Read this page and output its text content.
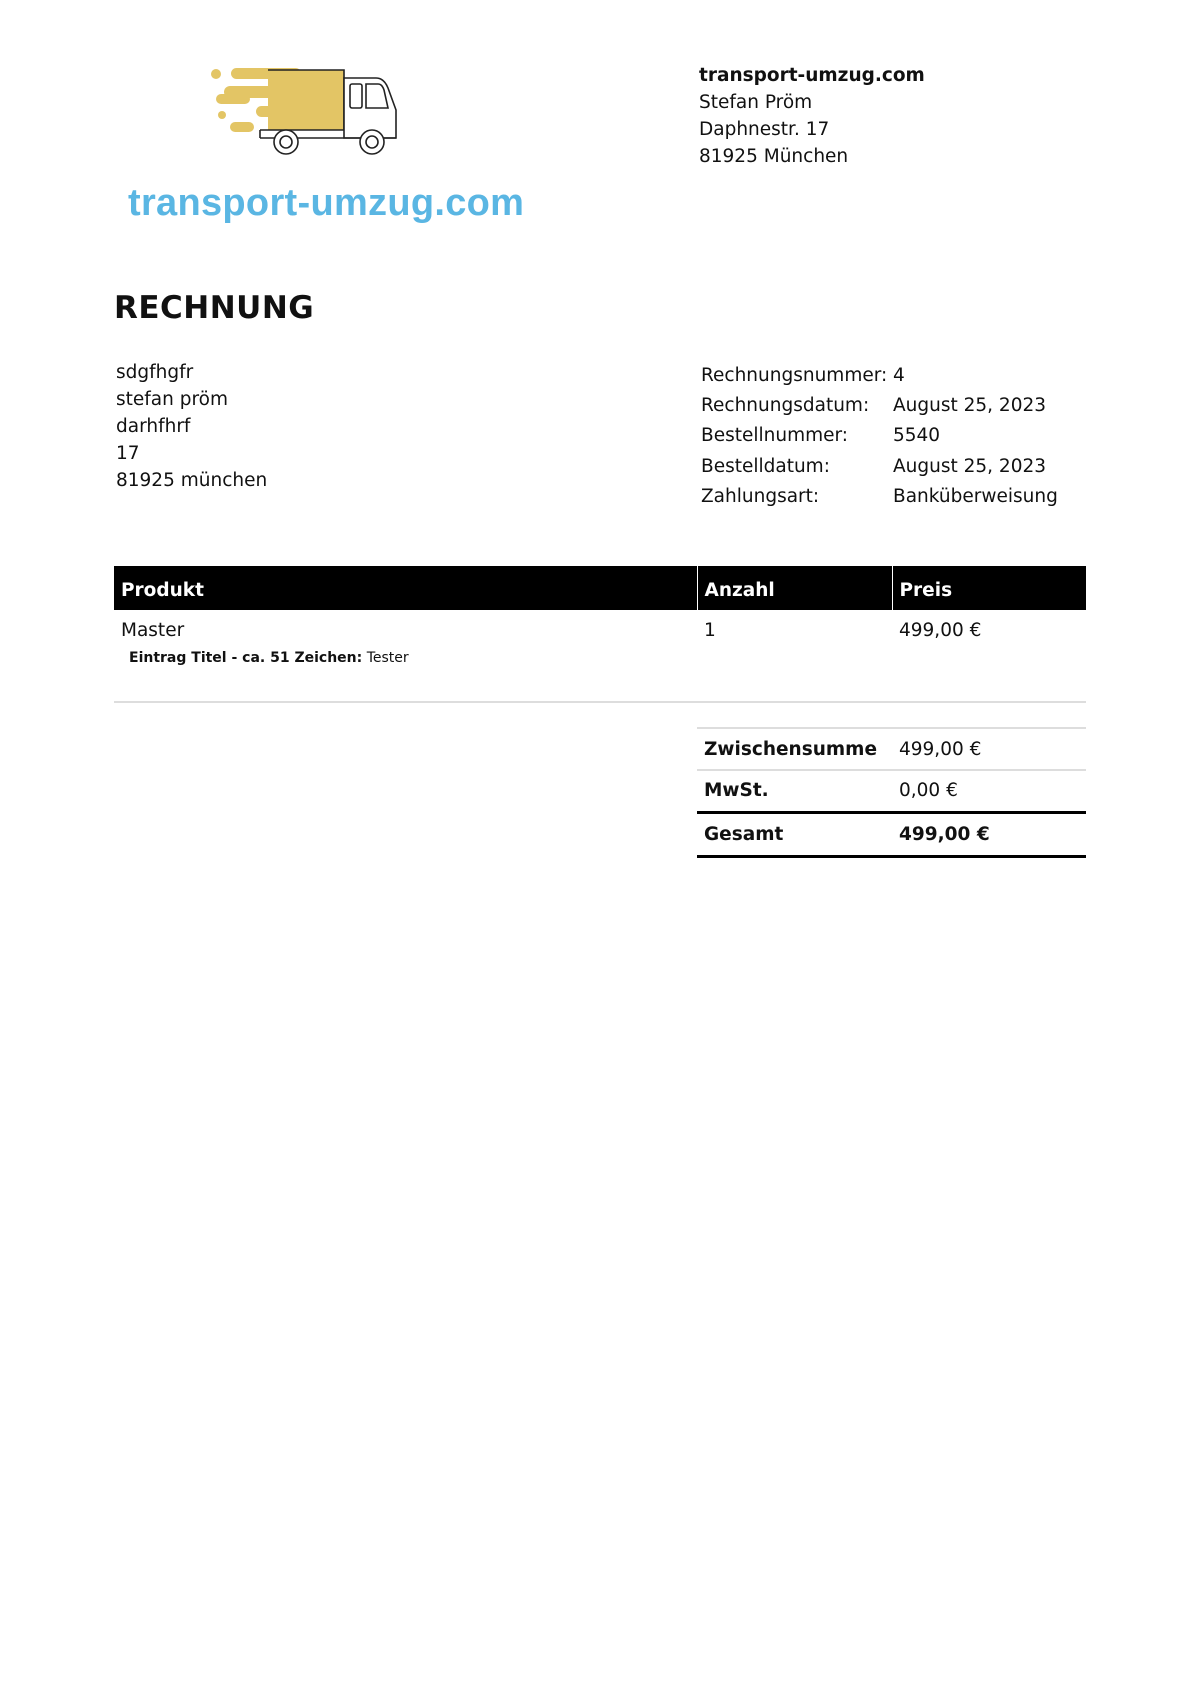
transport-umzug.com
transport-umzug.com
Stefan Pröm
Daphnestr. 17
81925 München
RECHNUNG
sdgfhgfr
stefan pröm
darhfhrf
17
81925 münchen
Rechnungsnummer:	4
Rechnungsdatum:	August 25, 2023
Bestellnummer:	5540
Bestelldatum:	August 25, 2023
Zahlungsart:	Banküberweisung
Produkt	Anzahl	Preis

Master
Eintrag Titel - ca. 51 Zeichen: Tester	1	499,00 €
Zwischensumme	499,00 €
MwSt.	0,00 €
Gesamt	499,00 €
